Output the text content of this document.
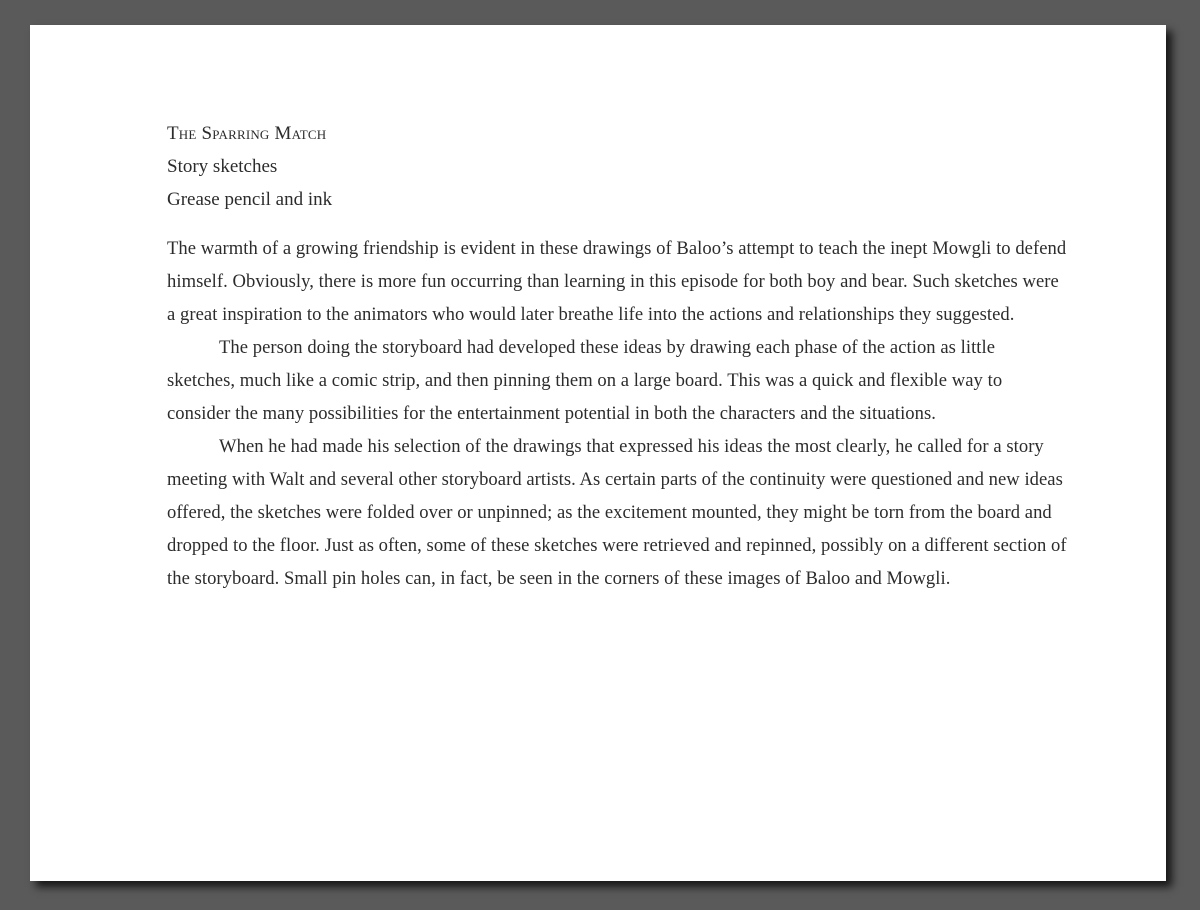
The Sparring Match

Story sketches

Grease pencil and ink

The warmth of a growing friendship is evident in these drawings of Baloo’s attempt to teach the inept Mowgli to defend himself. Obviously, there is more fun occurring than learning in this episode for both boy and bear. Such sketches were a great inspiration to the animators who would later breathe life into the actions and relationships they suggested.

The person doing the storyboard had developed these ideas by drawing each phase of the action as little sketches, much like a comic strip, and then pinning them on a large board. This was a quick and flexible way to consider the many possibilities for the entertainment potential in both the characters and the situations.

When he had made his selection of the drawings that expressed his ideas the most clearly, he called for a story meeting with Walt and several other storyboard artists. As certain parts of the continuity were questioned and new ideas offered, the sketches were folded over or unpinned; as the excitement mounted, they might be torn from the board and dropped to the floor. Just as often, some of these sketches were retrieved and repinned, possibly on a different section of the storyboard. Small pin holes can, in fact, be seen in the corners of these images of Baloo and Mowgli.
